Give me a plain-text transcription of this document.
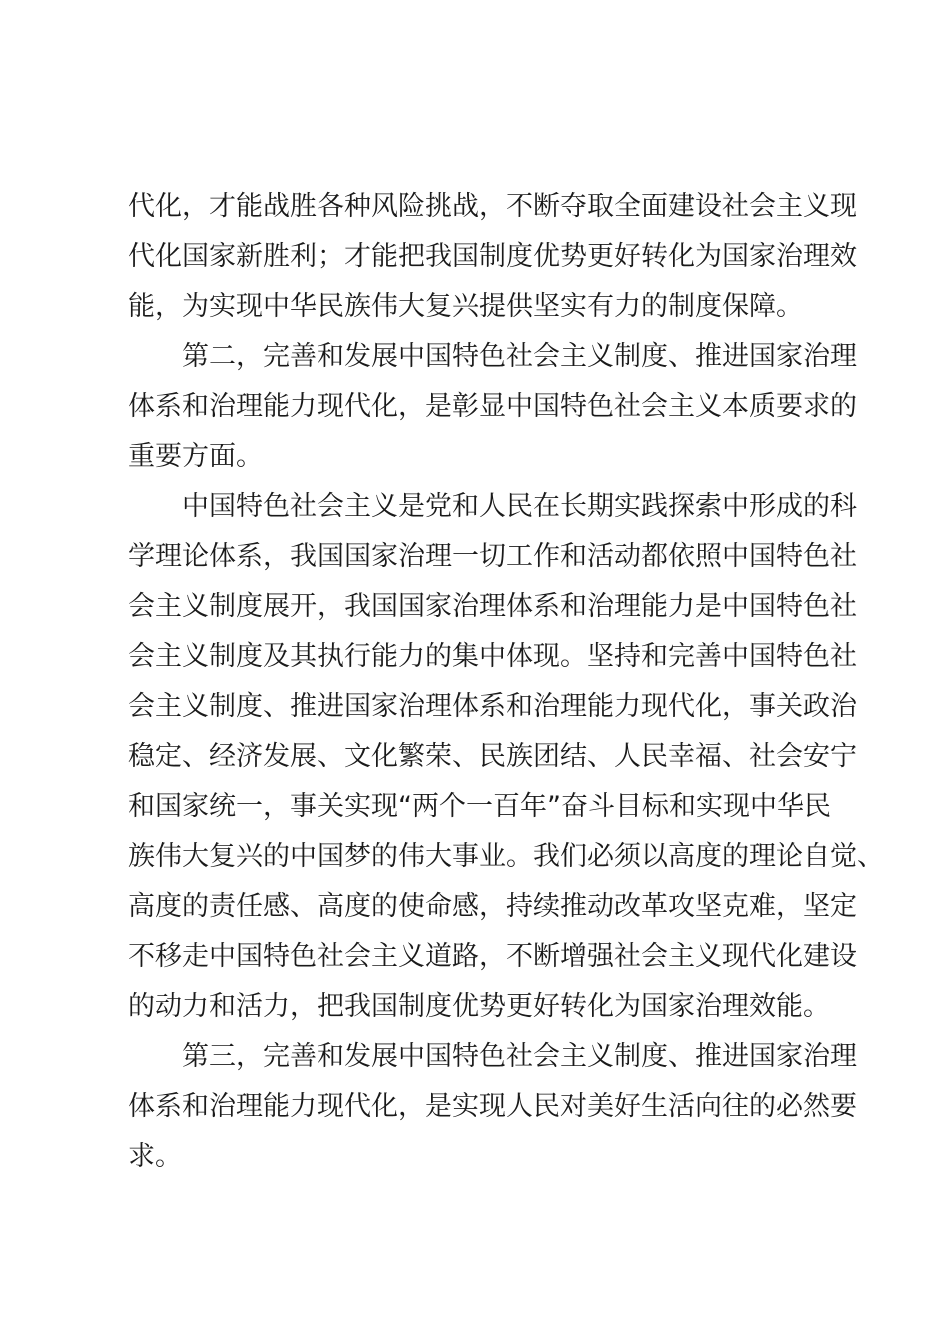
代化，才能战胜各种风险挑战，不断夺取全面建设社会主义现
代化国家新胜利；才能把我国制度优势更好转化为国家治理效
能，为实现中华民族伟大复兴提供坚实有力的制度保障。
第二，完善和发展中国特色社会主义制度、推进国家治理
体系和治理能力现代化，是彰显中国特色社会主义本质要求的
重要方面。
中国特色社会主义是党和人民在长期实践探索中形成的科
学理论体系，我国国家治理一切工作和活动都依照中国特色社
会主义制度展开，我国国家治理体系和治理能力是中国特色社
会主义制度及其执行能力的集中体现。坚持和完善中国特色社
会主义制度、推进国家治理体系和治理能力现代化，事关政治
稳定、经济发展、文化繁荣、民族团结、人民幸福、社会安宁
和国家统一，事关实现“两个一百年”奋斗目标和实现中华民
族伟大复兴的中国梦的伟大事业。我们必须以高度的理论自觉、
高度的责任感、高度的使命感，持续推动改革攻坚克难，坚定
不移走中国特色社会主义道路，不断增强社会主义现代化建设
的动力和活力，把我国制度优势更好转化为国家治理效能。
第三，完善和发展中国特色社会主义制度、推进国家治理
体系和治理能力现代化，是实现人民对美好生活向往的必然要
求。
